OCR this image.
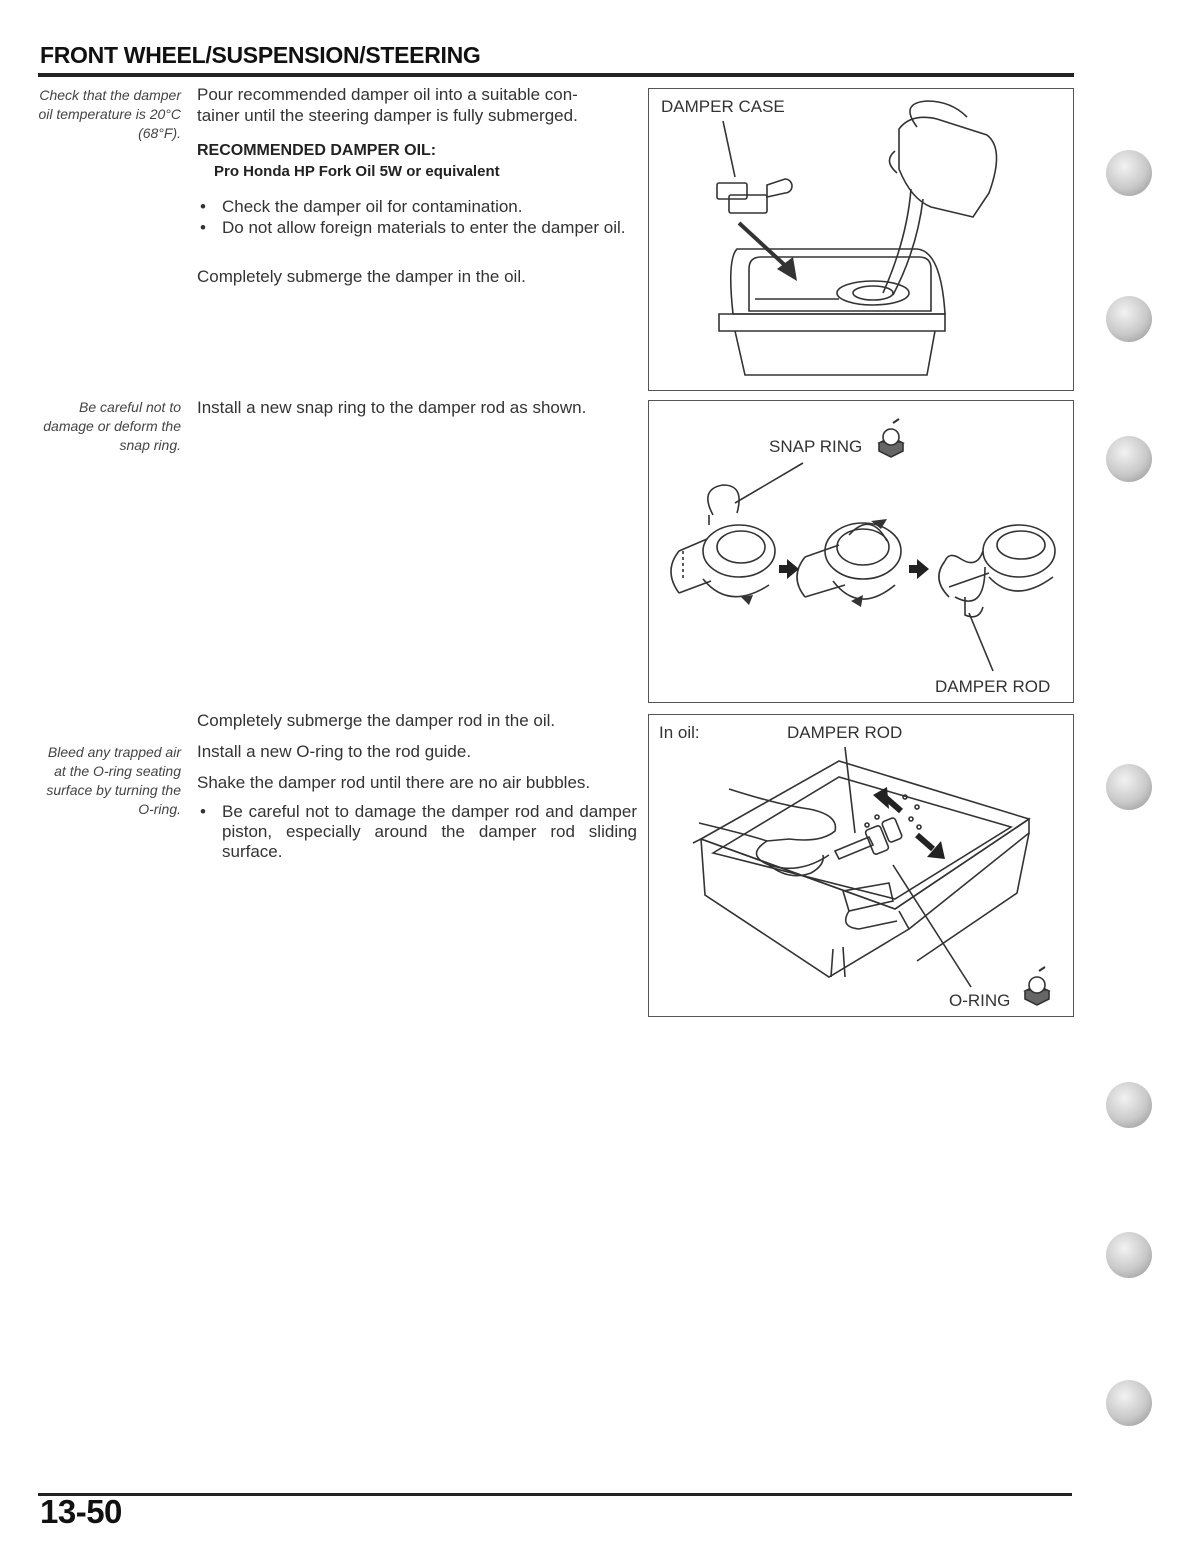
FRONT WHEEL/SUSPENSION/STEERING
Check that the damper oil temperature is 20°C (68°F).
Pour recommended damper oil into a suitable con-
tainer until the steering damper is fully submerged.
RECOMMENDED DAMPER OIL:
Pro Honda HP Fork Oil 5W or equivalent
• Check the damper oil for contamination.
• Do not allow foreign materials to enter the damper oil.
Completely submerge the damper in the oil.
DAMPER CASE
Be careful not to damage or deform the snap ring.
Install a new snap ring to the damper rod as shown.
SNAP RING
DAMPER ROD
Completely submerge the damper rod in the oil.
Bleed any trapped air at the O-ring seating surface by turning the O-ring.
Install a new O-ring to the rod guide.
Shake the damper rod until there are no air bubbles.
• Be careful not to damage the damper rod and damper piston, especially around the damper rod sliding surface.
In oil:	DAMPER ROD
O-RING
13-50
